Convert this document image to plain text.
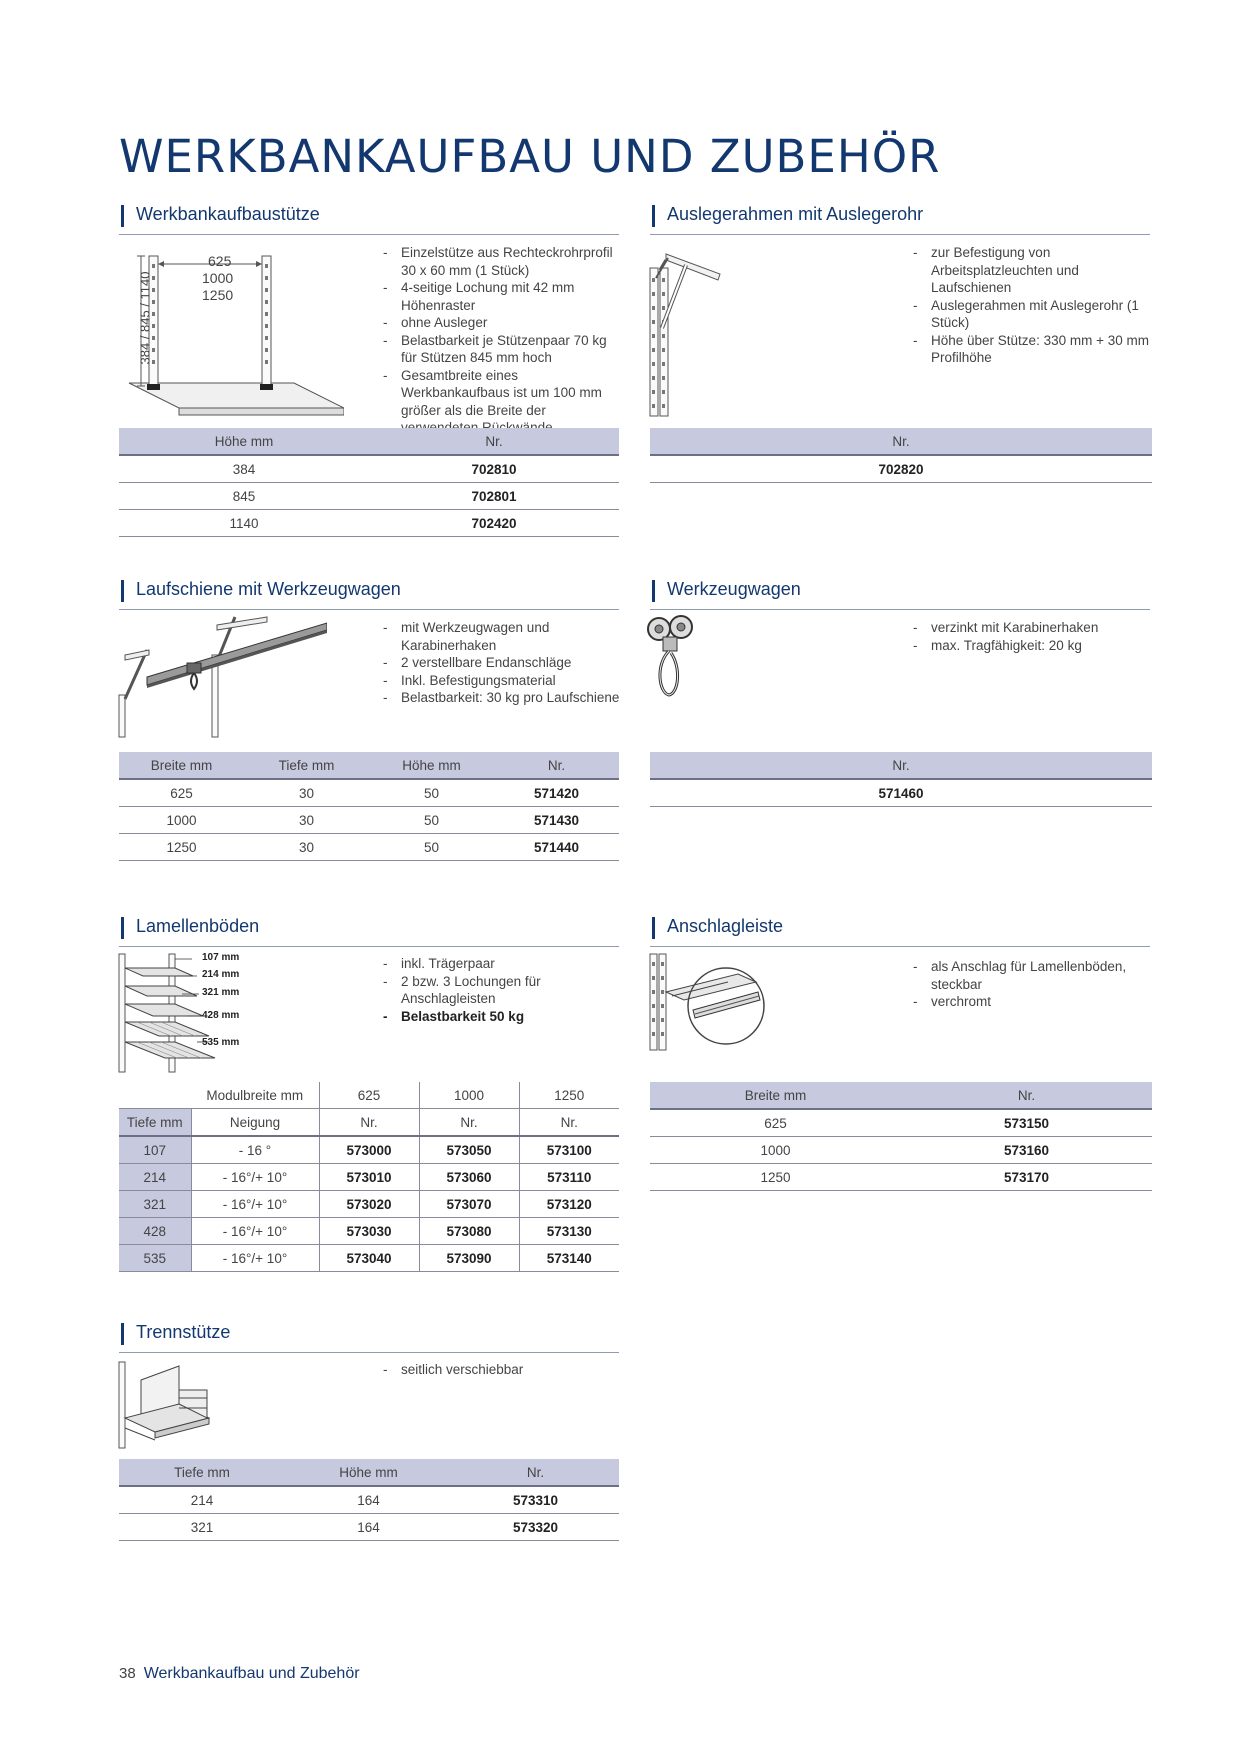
WERKBANKAUFBAU UND ZUBEHÖR
Werkbankaufbaustütze
384 / 845 / 1140
625
1000
1250
- Einzelstütze aus Rechteckrohrprofil 30 x 60 mm (1 Stück)
- 4-seitige Lochung mit 42 mm Höhenraster
- ohne Ausleger
- Belastbarkeit je Stützenpaar 70 kg für Stützen 845 mm hoch
- Gesamtbreite eines Werkbankaufbaus ist um 100 mm größer als die Breite der
Höhe mm	Nr.
384	702810
845	702801
1140	702420
Auslegerahmen mit Auslegerohr
- zur Befestigung von Arbeitsplatzleuchten und Laufschienen
- Auslegerahmen mit Auslegerohr (1 Stück)
- Höhe über Stütze: 330 mm + 30 mm Profilhöhe
Nr.
702820
Laufschiene mit Werkzeugwagen
- mit Werkzeugwagen und Karabinerhaken
- 2 verstellbare Endanschläge
- Inkl. Befestigungsmaterial
- Belastbarkeit: 30 kg pro Laufschiene
Breite mm	Tiefe mm	Höhe mm	Nr.
625	30	50	571420
1000	30	50	571430
1250	30	50	571440
Werkzeugwagen
- verzinkt mit Karabinerhaken
- max. Tragfähigkeit: 20 kg
Nr.
571460
Lamellenböden
107 mm
214 mm
321 mm
428 mm
535 mm
- inkl. Trägerpaar
- 2 bzw. 3 Lochungen für Anschlagleisten
- Belastbarkeit 50 kg
	Modulbreite mm	625	1000	1250
Tiefe mm	Neigung	Nr.	Nr.	Nr.
107	- 16 °	573000	573050	573100
214	- 16°/+ 10°	573010	573060	573110
321	- 16°/+ 10°	573020	573070	573120
428	- 16°/+ 10°	573030	573080	573130
535	- 16°/+ 10°	573040	573090	573140
Anschlagleiste
- als Anschlag für Lamellenböden, steckbar
- verchromt
Breite mm	Nr.
625	573150
1000	573160
1250	573170
Trennstütze
- seitlich verschiebbar
Tiefe mm	Höhe mm	Nr.
214	164	573310
321	164	573320
38 Werkbankaufbau und Zubehör
